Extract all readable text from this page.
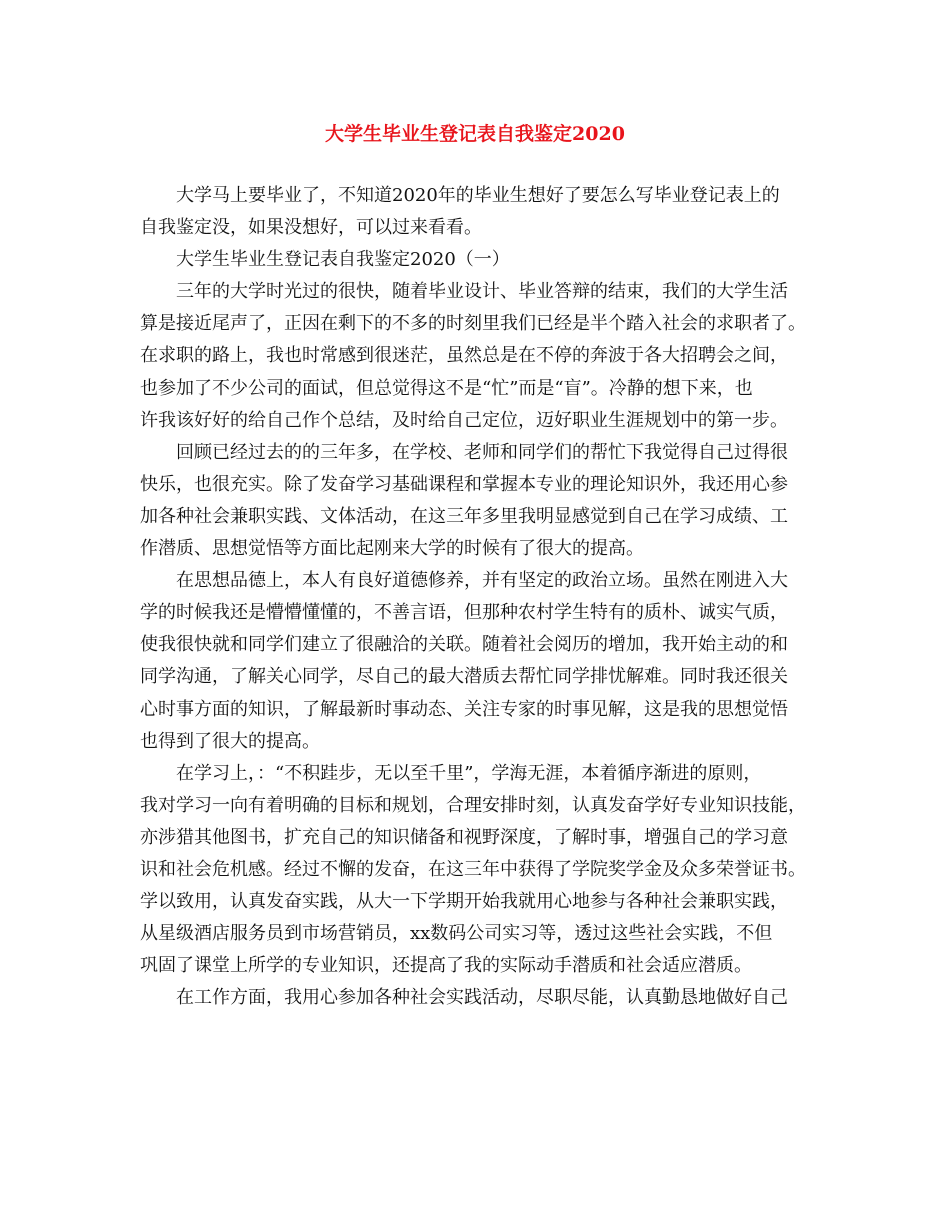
大学生毕业生登记表自我鉴定2020
大学马上要毕业了，不知道2020年的毕业生想好了要怎么写毕业登记表上的
自我鉴定没，如果没想好，可以过来看看。
大学生毕业生登记表自我鉴定2020（一）
三年的大学时光过的很快，随着毕业设计、毕业答辩的结束，我们的大学生活
算是接近尾声了，正因在剩下的不多的时刻里我们已经是半个踏入社会的求职者了。
在求职的路上，我也时常感到很迷茫，虽然总是在不停的奔波于各大招聘会之间，
也参加了不少公司的面试，但总觉得这不是“忙”而是“盲”。冷静的想下来，也
许我该好好的给自己作个总结，及时给自己定位，迈好职业生涯规划中的第一步。
回顾已经过去的的三年多，在学校、老师和同学们的帮忙下我觉得自己过得很
快乐，也很充实。除了发奋学习基础课程和掌握本专业的理论知识外，我还用心参
加各种社会兼职实践、文体活动，在这三年多里我明显感觉到自己在学习成绩、工
作潜质、思想觉悟等方面比起刚来大学的时候有了很大的提高。
在思想品德上，本人有良好道德修养，并有坚定的政治立场。虽然在刚进入大
学的时候我还是懵懵懂懂的，不善言语，但那种农村学生特有的质朴、诚实气质，
使我很快就和同学们建立了很融洽的关联。随着社会阅历的增加，我开始主动的和
同学沟通，了解关心同学，尽自己的最大潜质去帮忙同学排忧解难。同时我还很关
心时事方面的知识，了解最新时事动态、关注专家的时事见解，这是我的思想觉悟
也得到了很大的提高。
在学习上，：“不积跬步，无以至千里”，学海无涯，本着循序渐进的原则，
我对学习一向有着明确的目标和规划，合理安排时刻，认真发奋学好专业知识技能，
亦涉猎其他图书，扩充自己的知识储备和视野深度，了解时事，增强自己的学习意
识和社会危机感。经过不懈的发奋，在这三年中获得了学院奖学金及众多荣誉证书。
学以致用，认真发奋实践，从大一下学期开始我就用心地参与各种社会兼职实践，
从星级酒店服务员到市场营销员，xx数码公司实习等，透过这些社会实践，不但
巩固了课堂上所学的专业知识，还提高了我的实际动手潜质和社会适应潜质。
在工作方面，我用心参加各种社会实践活动，尽职尽能，认真勤恳地做好自己
